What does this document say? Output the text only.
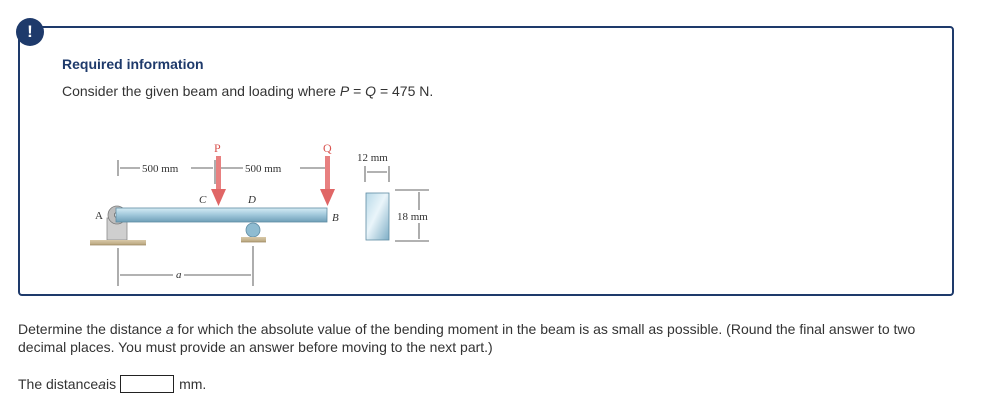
!
Required information

Consider the given beam and loading where P = Q = 475 N.

500 mm	500 mm
P	Q
C	D
A	B
a
12 mm
18 mm

Determine the distance a for which the absolute value of the bending moment in the beam is as small as possible. (Round the final answer to two decimal places. You must provide an answer before moving to the next part.)

The distance a is	mm.
